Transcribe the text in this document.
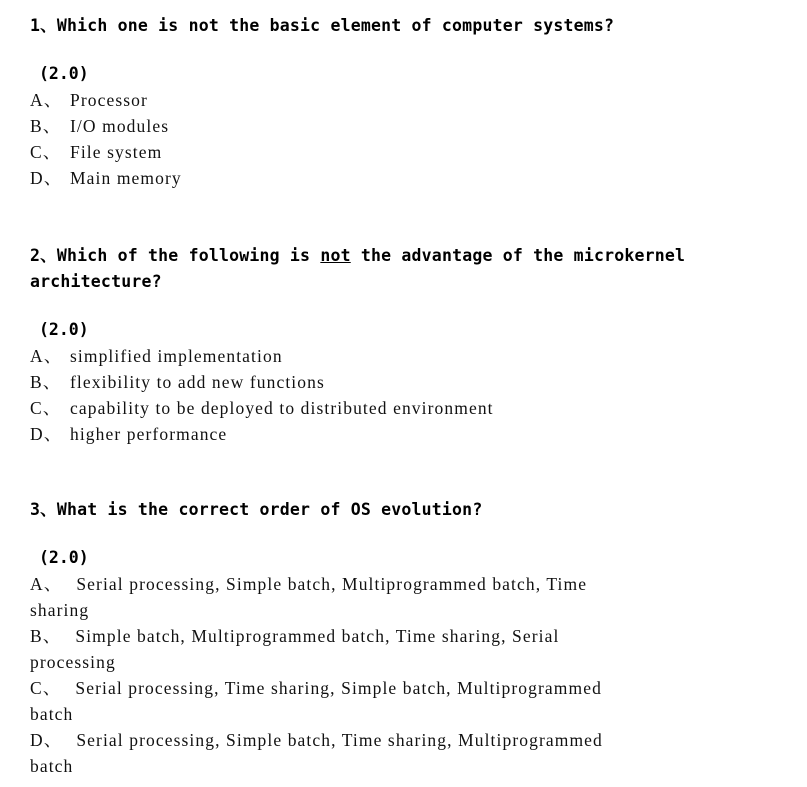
1、Which one is not the basic element of computer systems?
(2.0)
A、 Processor
B、 I/O modules
C、 File system
D、 Main memory
2、Which of the following is not the advantage of the microkernel
architecture?
(2.0)
A、 simplified implementation
B、 flexibility to add new functions
C、 capability to be deployed to distributed environment
D、 higher performance
3、What is the correct order of OS evolution?
(2.0)
A、 Serial processing, Simple batch, Multiprogrammed batch, Time
sharing
B、 Simple batch, Multiprogrammed batch, Time sharing, Serial
processing
C、 Serial processing, Time sharing, Simple batch, Multiprogrammed
batch
D、 Serial processing, Simple batch, Time sharing, Multiprogrammed
batch
